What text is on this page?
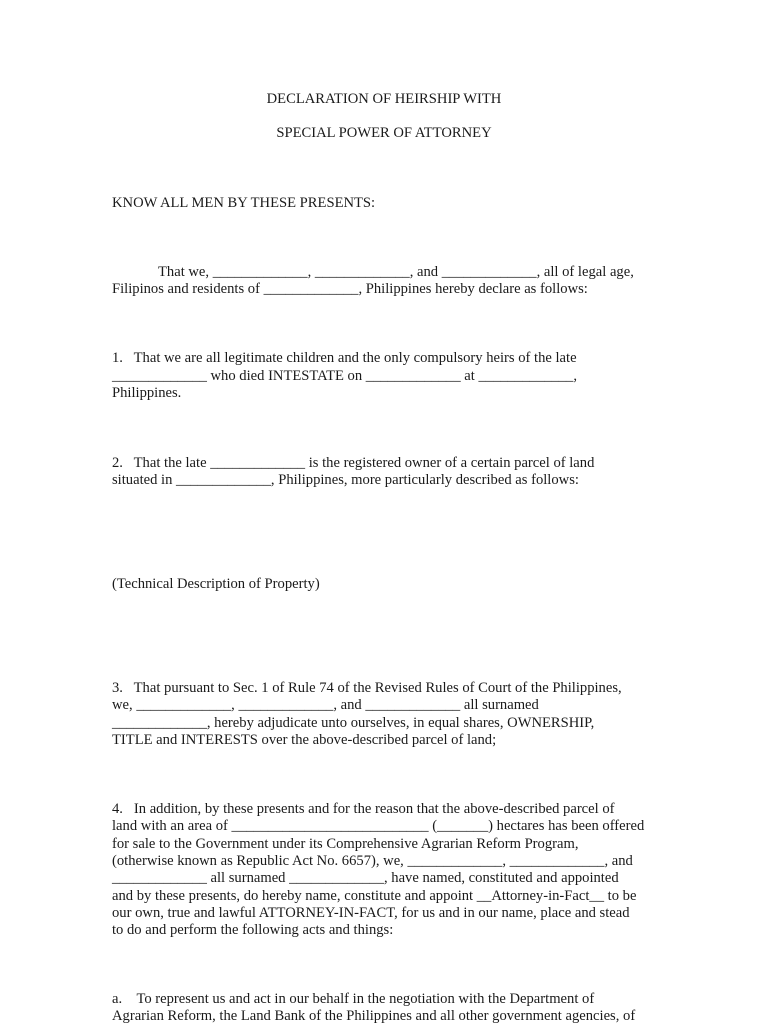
DECLARATION OF HEIRSHIP WITH

SPECIAL POWER OF ATTORNEY

KNOW ALL MEN BY THESE PRESENTS:

That we, _____________, _____________, and _____________, all of legal age,

Filipinos and residents of _____________, Philippines hereby declare as follows:

1.   That we are all legitimate children and the only compulsory heirs of the late

_____________ who died INTESTATE on _____________ at _____________,

Philippines.

2.   That the late _____________ is the registered owner of a certain parcel of land

situated in _____________, Philippines, more particularly described as follows:

(Technical Description of Property)

3.   That pursuant to Sec. 1 of Rule 74 of the Revised Rules of Court of the Philippines,

we, _____________, _____________, and _____________ all surnamed

_____________, hereby adjudicate unto ourselves, in equal shares, OWNERSHIP,

TITLE and INTERESTS over the above-described parcel of land;

4.   In addition, by these presents and for the reason that the above-described parcel of

land with an area of ___________________________ (_______) hectares has been offered

for sale to the Government under its Comprehensive Agrarian Reform Program,

(otherwise known as Republic Act No. 6657), we, _____________, _____________, and

_____________ all surnamed _____________, have named, constituted and appointed

and by these presents, do hereby name, constitute and appoint __Attorney-in-Fact__ to be

our own, true and lawful ATTORNEY-IN-FACT, for us and in our name, place and stead

to do and perform the following acts and things:

a.    To represent us and act in our behalf in the negotiation with the Department of

Agrarian Reform, the Land Bank of the Philippines and all other government agencies, of
